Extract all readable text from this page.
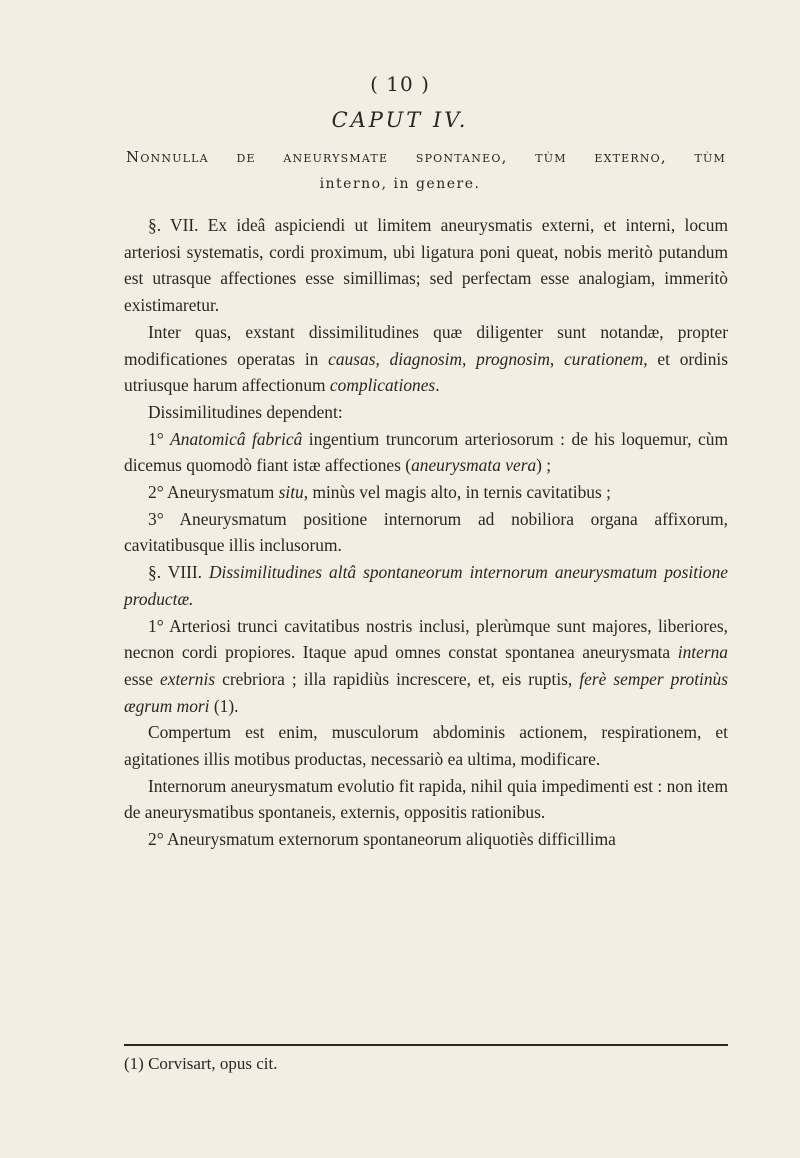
( 10 )
CAPUT IV.
Nonnulla de aneurysmate spontaneo, tùm externo, tùm
interno, in genere.

§. VII. Ex ideâ aspiciendi ut limitem aneurysmatis externi, et interni, locum arteriosi systematis, cordi proximum, ubi ligatura poni queat, nobis meritò putandum est utrasque affectiones esse simillimas; sed perfectam esse analogiam, immeritò existimaretur.

Inter quas, exstant dissimilitudines quæ diligenter sunt notandæ, propter modificationes operatas in causas, diagnosim, prognosim, curationem, et ordinis utriusque harum affectionum complicationes.

Dissimilitudines dependent:

1° Anatomicâ fabricâ ingentium truncorum arteriosorum : de his loquemur, cùm dicemus quomodò fiant istæ affectiones (aneurysmata vera) ;

2° Aneurysmatum situ, minùs vel magis alto, in ternis cavitatibus ;

3° Aneurysmatum positione internorum ad nobiliora organa affixorum, cavitatibusque illis inclusorum.

§. VIII. Dissimilitudines altâ spontaneorum internorum aneurysmatum positione productæ.

1° Arteriosi trunci cavitatibus nostris inclusi, plerùmque sunt majores, liberiores, necnon cordi propiores. Itaque apud omnes constat spontanea aneurysmata interna esse externis crebriora ; illa rapidiùs increscere, et, eis ruptis, ferè semper protinùs ægrum mori (1).

Compertum est enim, musculorum abdominis actionem, respirationem, et agitationes illis motibus productas, necessariò ea ultima, modificare.

Internorum aneurysmatum evolutio fit rapida, nihil quia impedimenti est : non item de aneurysmatibus spontaneis, externis, oppositis rationibus.

2° Aneurysmatum externorum spontaneorum aliquotiès difficillima

(1) Corvisart, opus cit.
